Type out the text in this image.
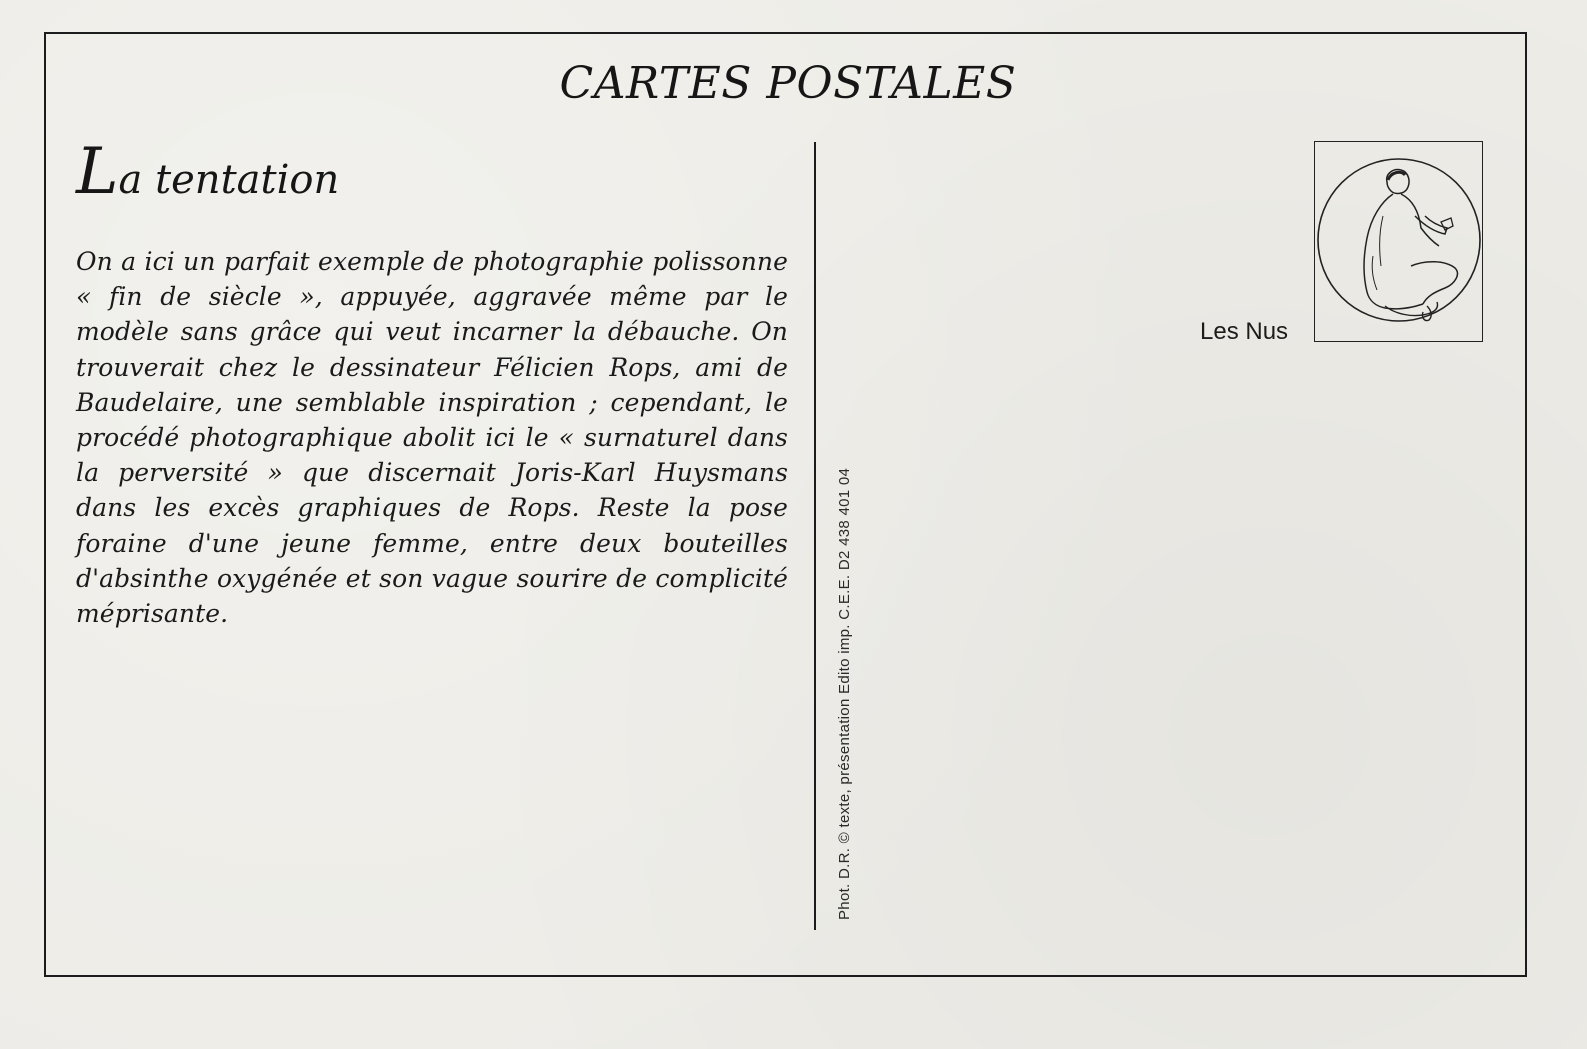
CARTES POSTALES
La tentation
On a ici un parfait exemple de photographie polissonne « fin de siècle », appuyée, aggravée même par le modèle sans grâce qui veut incarner la débauche. On trouverait chez le dessinateur Félicien Rops, ami de Baudelaire, une semblable inspiration ; cependant, le procédé photographique abolit ici le « surnaturel dans la perversité » que discernait Joris-Karl Huysmans dans les excès graphiques de Rops. Reste la pose foraine d'une jeune femme, entre deux bouteilles d'absinthe oxygénée et son vague sourire de complicité méprisante.	Phot. D.R. © texte, présentation Edito imp. C.E.E. D2 438 401 04
Les Nus
